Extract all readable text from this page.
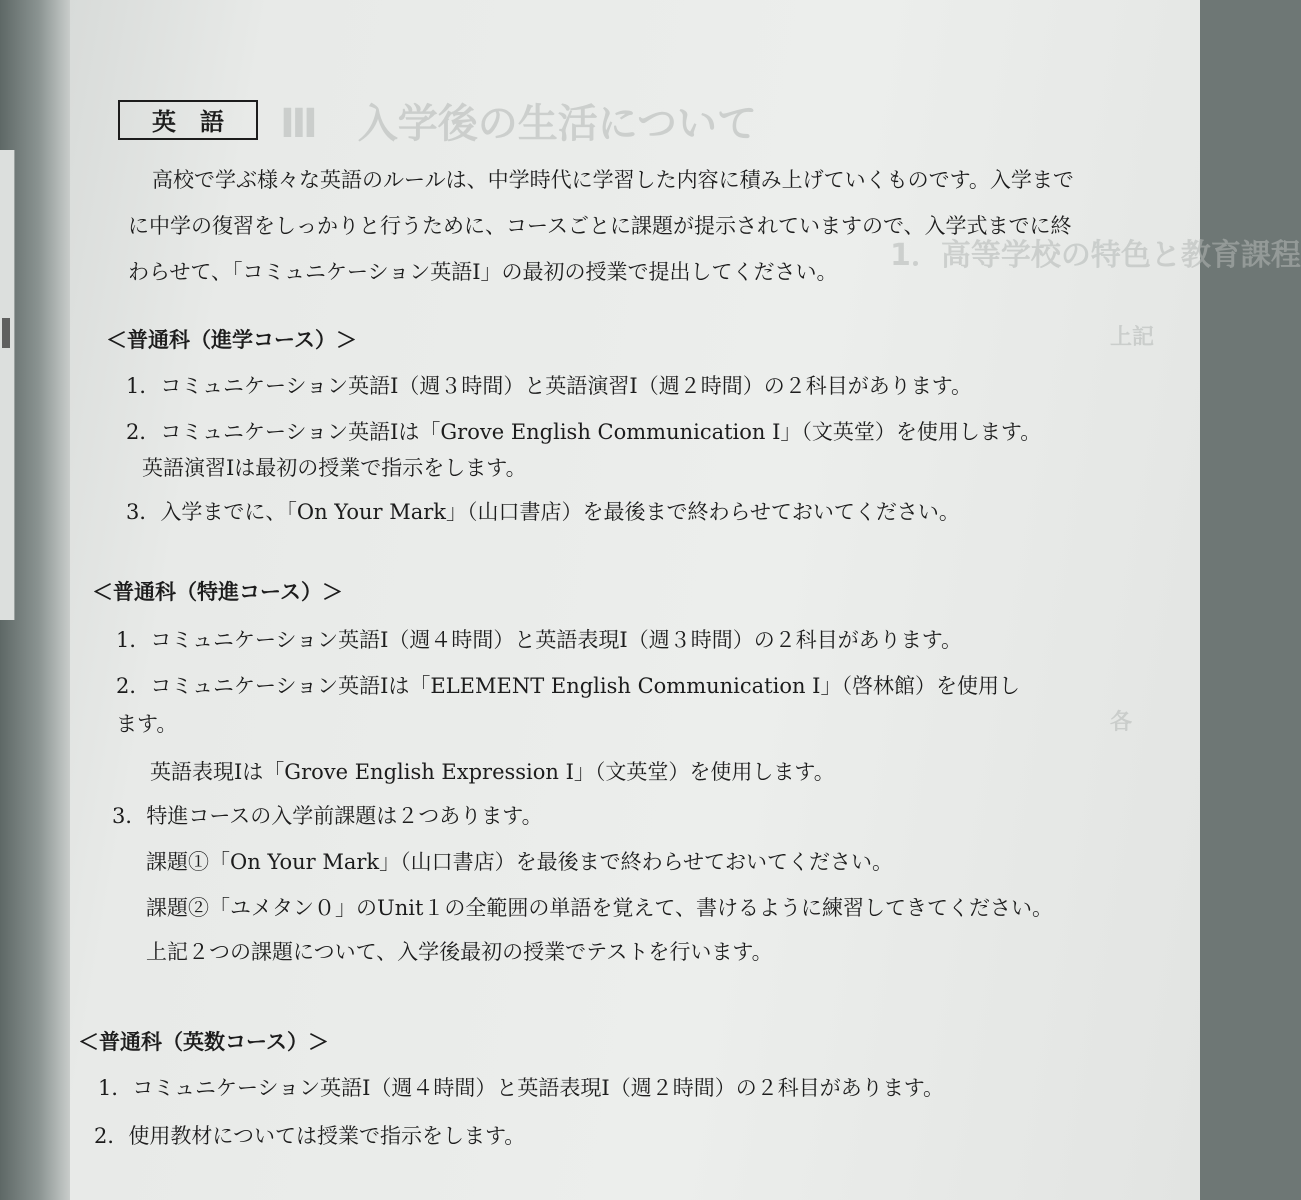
Ⅲ　入学後の生活について
1．高等学校の特色と教育課程
上記
各
英語
高校で学ぶ様々な英語のルールは、中学時代に学習した内容に積み上げていくものです。入学まで
に中学の復習をしっかりと行うために、コースごとに課題が提示されていますので、入学式までに終
わらせて、「コミュニケーション英語Ⅰ」の最初の授業で提出してください。
＜普通科（進学コース）＞
1．コミュニケーション英語Ⅰ（週３時間）と英語演習Ⅰ（週２時間）の２科目があります。
2．コミュニケーション英語Ⅰは「Grove English Communication Ⅰ」（文英堂）を使用します。
英語演習Ⅰは最初の授業で指示をします。
3．入学までに、「On Your Mark」（山口書店）を最後まで終わらせておいてください。
＜普通科（特進コース）＞
1．コミュニケーション英語Ⅰ（週４時間）と英語表現Ⅰ（週３時間）の２科目があります。
2．コミュニケーション英語Ⅰは「ELEMENT English Communication Ⅰ」（啓林館）を使用し
ます。
英語表現Ⅰは「Grove English Expression Ⅰ」（文英堂）を使用します。
3．特進コースの入学前課題は２つあります。
課題①「On Your Mark」（山口書店）を最後まで終わらせておいてください。
課題②「ユメタン０」のUnit１の全範囲の単語を覚えて、書けるように練習してきてください。
上記２つの課題について、入学後最初の授業でテストを行います。
＜普通科（英数コース）＞
1．コミュニケーション英語Ⅰ（週４時間）と英語表現Ⅰ（週２時間）の２科目があります。
2．使用教材については授業で指示をします。
